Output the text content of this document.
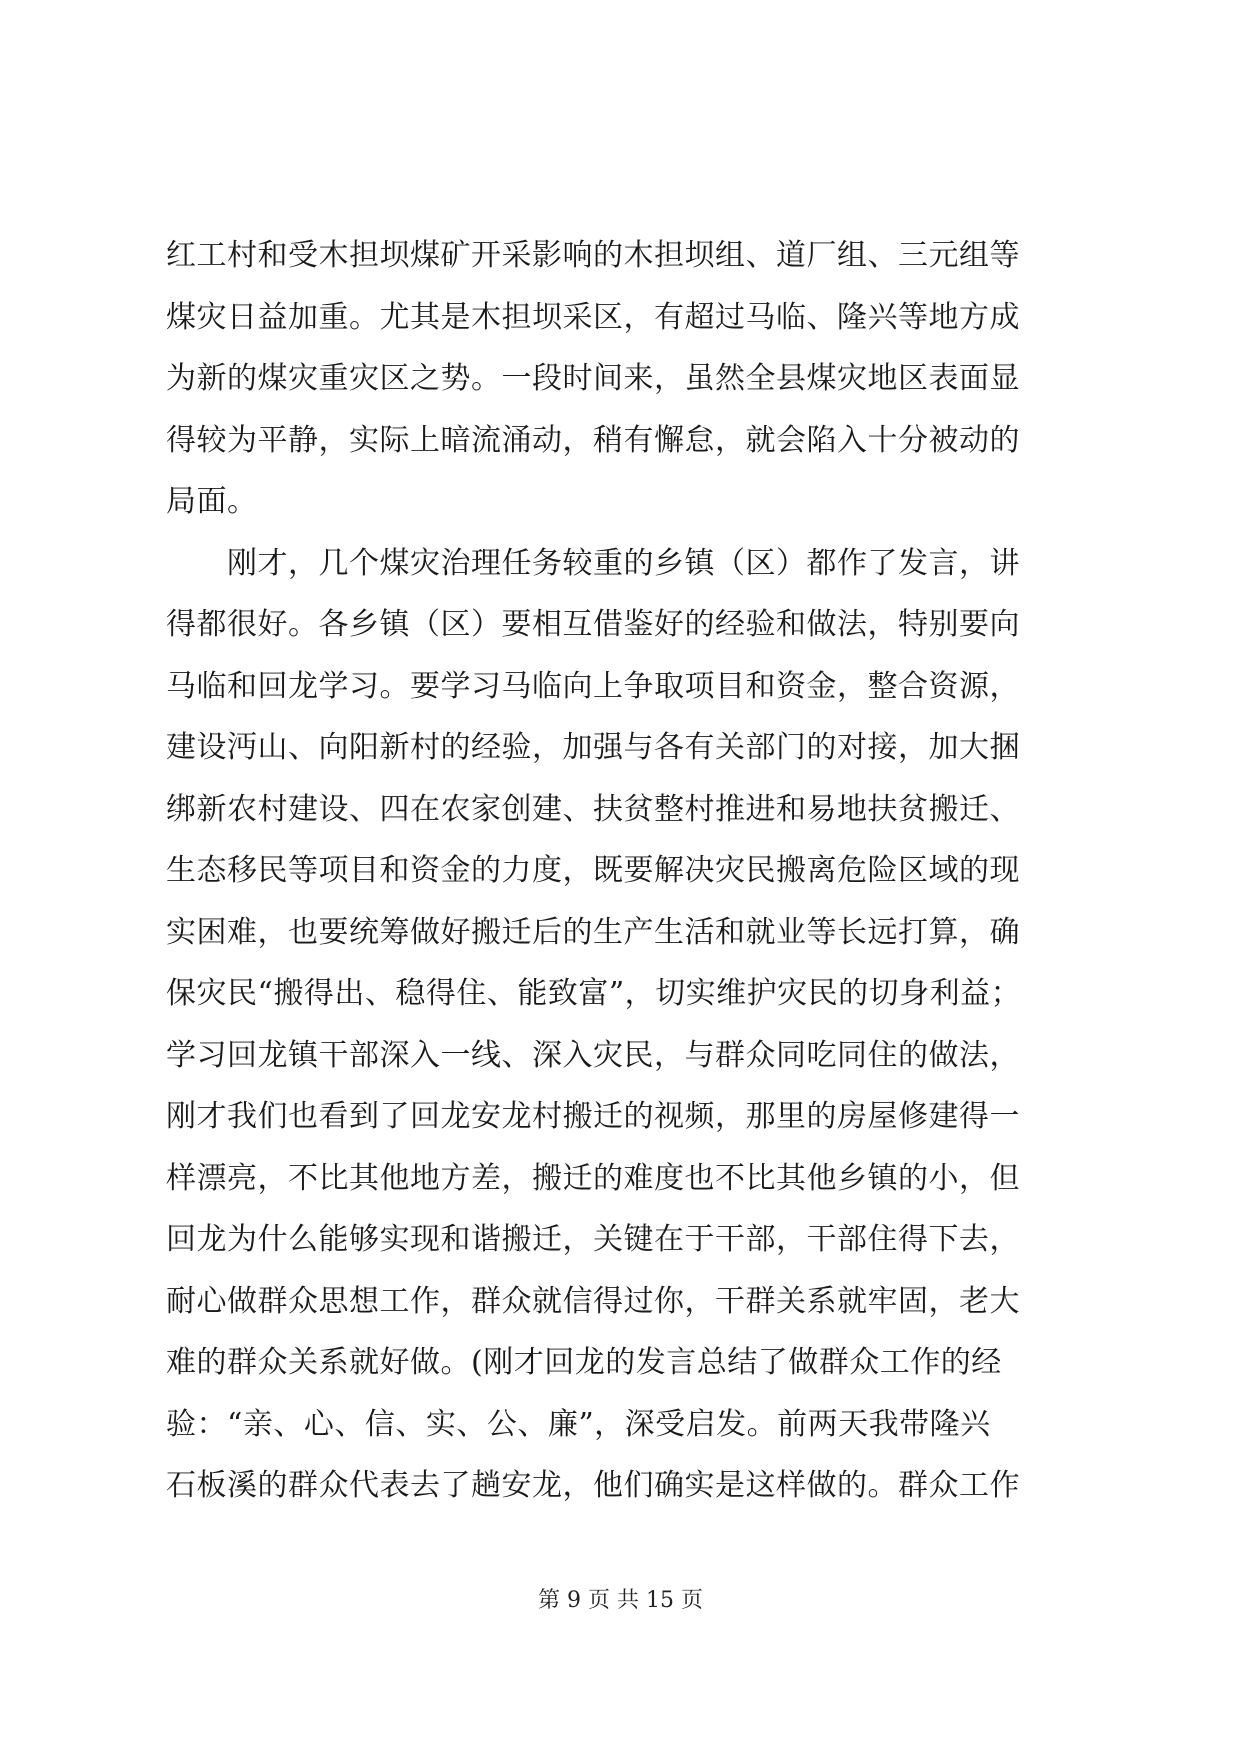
红工村和受木担坝煤矿开采影响的木担坝组、道厂组、三元组等
煤灾日益加重。尤其是木担坝采区，有超过马临、隆兴等地方成
为新的煤灾重灾区之势。一段时间来，虽然全县煤灾地区表面显
得较为平静，实际上暗流涌动，稍有懈怠，就会陷入十分被动的
局面。
　　刚才，几个煤灾治理任务较重的乡镇（区）都作了发言，讲
得都很好。各乡镇（区）要相互借鉴好的经验和做法，特别要向
马临和回龙学习。要学习马临向上争取项目和资金，整合资源，
建设沔山、向阳新村的经验，加强与各有关部门的对接，加大捆
绑新农村建设、四在农家创建、扶贫整村推进和易地扶贫搬迁、
生态移民等项目和资金的力度，既要解决灾民搬离危险区域的现
实困难，也要统筹做好搬迁后的生产生活和就业等长远打算，确
保灾民“搬得出、稳得住、能致富”，切实维护灾民的切身利益；
学习回龙镇干部深入一线、深入灾民，与群众同吃同住的做法，
刚才我们也看到了回龙安龙村搬迁的视频，那里的房屋修建得一
样漂亮，不比其他地方差，搬迁的难度也不比其他乡镇的小，但
回龙为什么能够实现和谐搬迁，关键在于干部，干部住得下去，
耐心做群众思想工作，群众就信得过你，干群关系就牢固，老大
难的群众关系就好做。(刚才回龙的发言总结了做群众工作的经
验：“亲、心、信、实、公、廉”，深受启发。前两天我带隆兴
石板溪的群众代表去了趟安龙，他们确实是这样做的。群众工作
第 9 页 共 15 页
